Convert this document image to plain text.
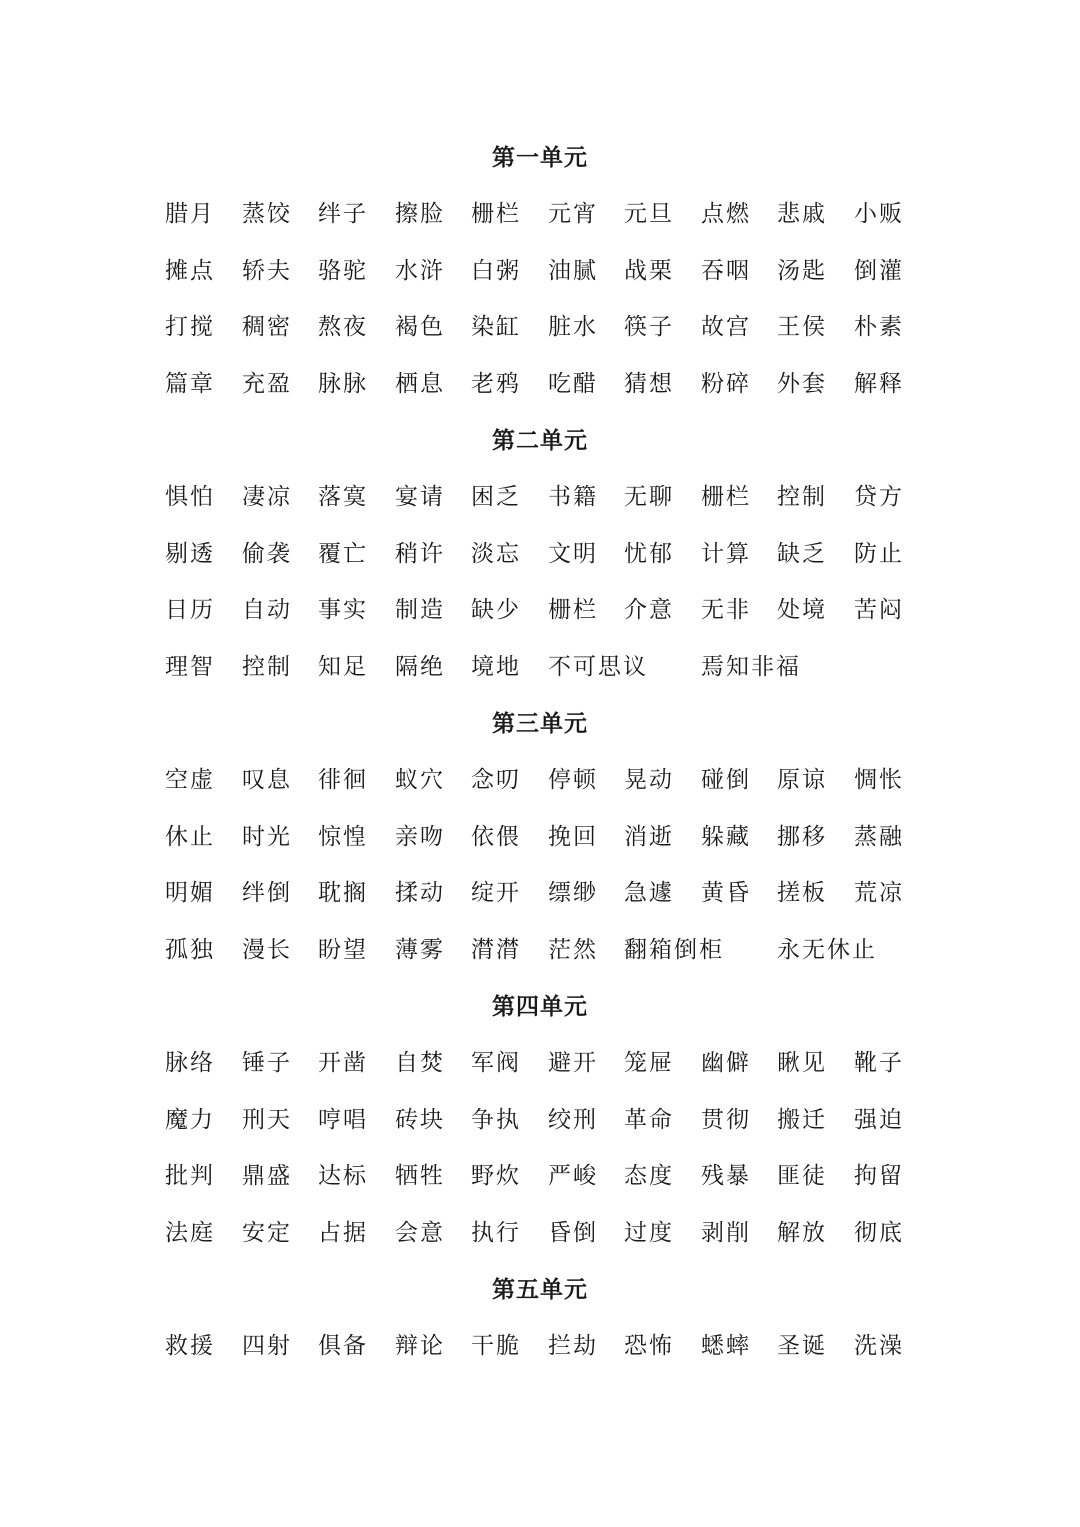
第一单元
腊月 蒸饺 绊子 擦脸 栅栏 元宵 元旦 点燃 悲戚 小贩
摊点 轿夫 骆驼 水浒 白粥 油腻 战栗 吞咽 汤匙 倒灌
打搅 稠密 熬夜 褐色 染缸 脏水 筷子 故宫 王侯 朴素
篇章 充盈 脉脉 栖息 老鸦 吃醋 猜想 粉碎 外套 解释
第二单元
惧怕 凄凉 落寞 宴请 困乏 书籍 无聊 栅栏 控制 贷方
剔透 偷袭 覆亡 稍许 淡忘 文明 忧郁 计算 缺乏 防止
日历 自动 事实 制造 缺少 栅栏 介意 无非 处境 苦闷
理智 控制 知足 隔绝 境地 不可思议 焉知非福
第三单元
空虚 叹息 徘徊 蚁穴 念叨 停顿 晃动 碰倒 原谅 惆怅
休止 时光 惊惶 亲吻 依偎 挽回 消逝 躲藏 挪移 蒸融
明媚 绊倒 耽搁 揉动 绽开 缥缈 急遽 黄昏 搓板 荒凉
孤独 漫长 盼望 薄雾 潸潸 茫然 翻箱倒柜 永无休止
第四单元
脉络 锤子 开凿 自焚 军阀 避开 笼屉 幽僻 瞅见 靴子
魔力 刑天 哼唱 砖块 争执 绞刑 革命 贯彻 搬迁 强迫
批判 鼎盛 达标 牺牲 野炊 严峻 态度 残暴 匪徒 拘留
法庭 安定 占据 会意 执行 昏倒 过度 剥削 解放 彻底
第五单元
救援 四射 俱备 辩论 干脆 拦劫 恐怖 蟋蟀 圣诞 洗澡
